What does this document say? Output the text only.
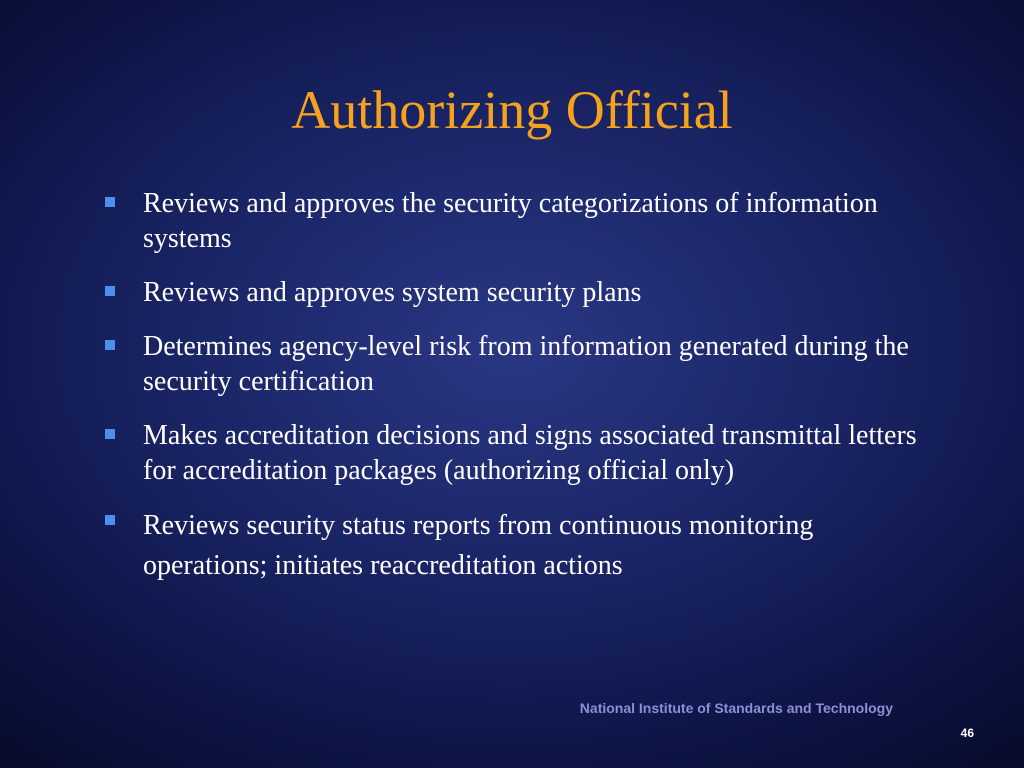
Authorizing Official
Reviews and approves the security categorizations of information systems
Reviews and approves system security plans
Determines agency-level risk from information generated during the security certification
Makes accreditation decisions and signs associated transmittal letters for accreditation packages (authorizing official only)
Reviews security status reports from continuous monitoring operations; initiates reaccreditation actions
National Institute of Standards and Technology
46
